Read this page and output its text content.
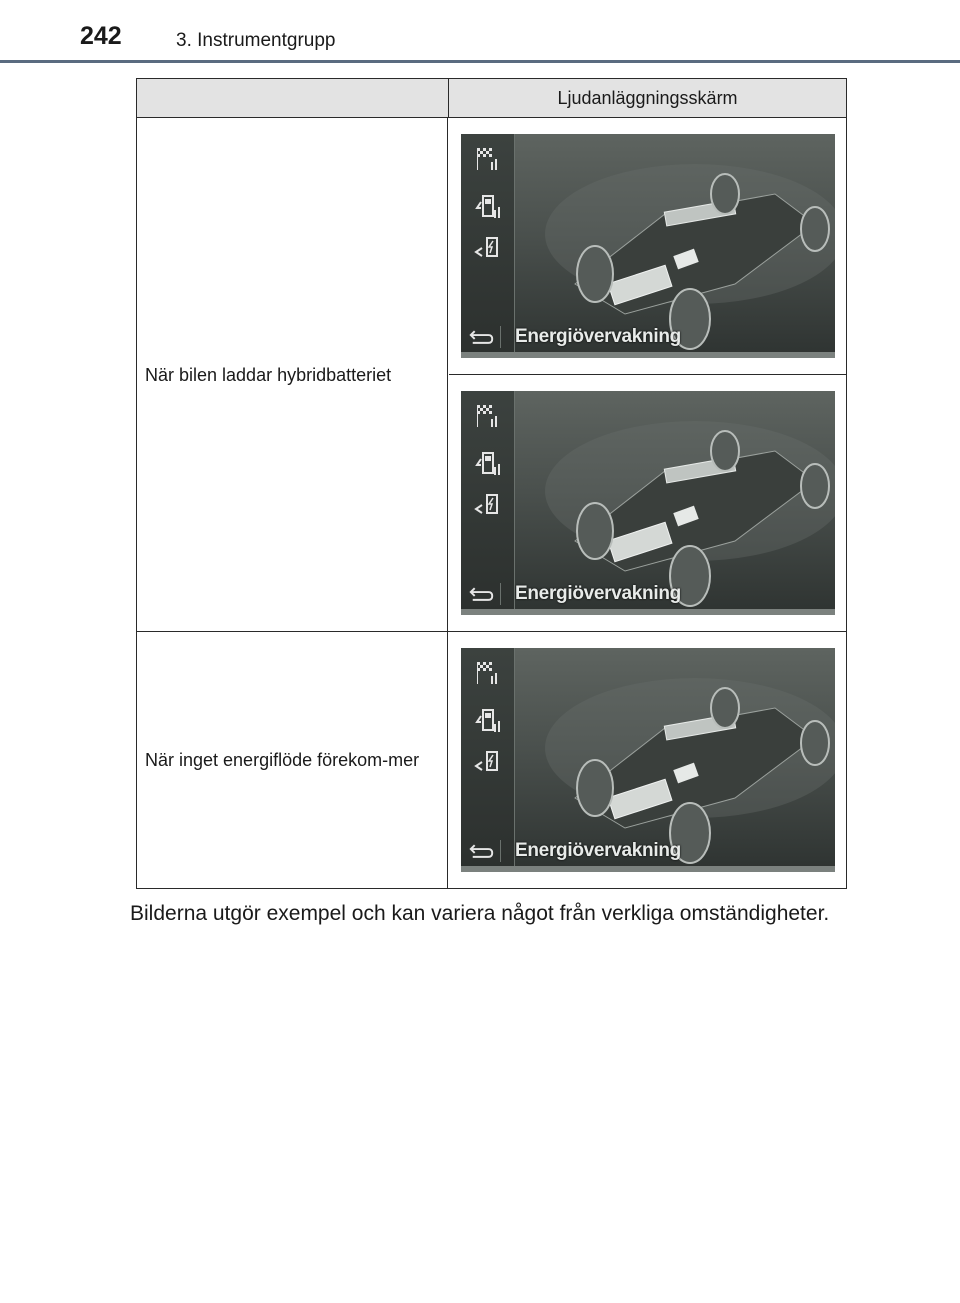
242	3. Instrumentgrupp
Ljudanläggningsskärm
När bilen laddar hybridbatteriet
Energiövervakning
Energiövervakning
När inget energiflöde förekom-mer
Energiövervakning
Bilderna utgör exempel och kan variera något från verkliga omständigheter.
